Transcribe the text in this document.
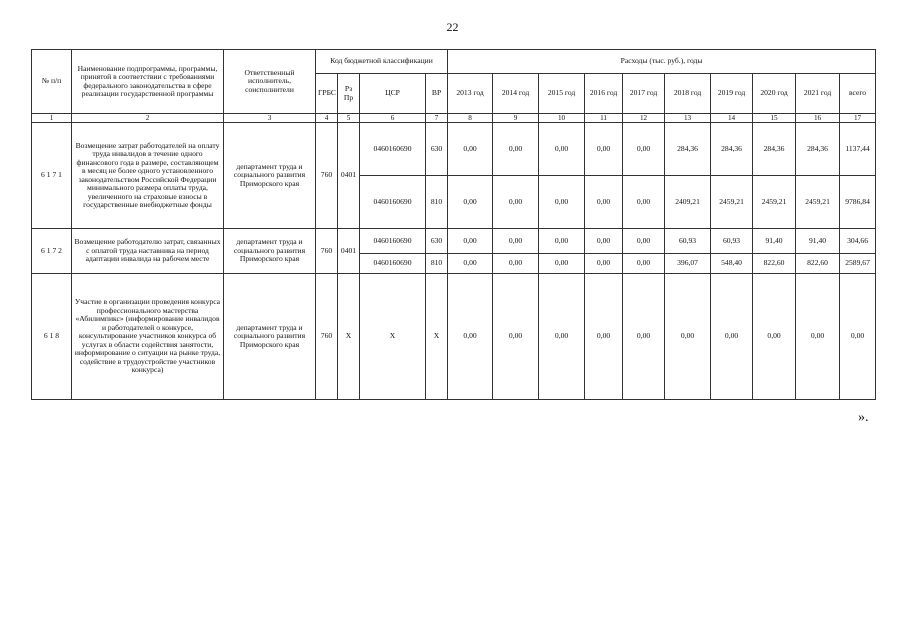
22
№ п/п	Наименование подпрограммы, программы, принятой в соответствии с требованиями федерального законодательства в сфере реализации государственной программы	Ответственный исполнитель, соисполнители	Код бюджетной классификации				Расходы (тыс. руб.), годы									
			ГРБС	Рз Пр	ЦСР	ВР	2013 год	2014 год	2015 год	2016 год	2017 год	2018 год	2019 год	2020 год	2021 год	всего
1	2	3	4	5	6	7	8	9	10	11	12	13	14	15	16	17
6 1 7 1	Возмещение затрат работодателей на оплату труда инвалидов в течение одного финансового года в размере, составляющем в месяц не более одного установленного законодательством Российской Федерации минимального размера оплаты труда, увеличенного на страховые взносы в государственные внебюджетные фонды	департамент труда и социального развития Приморского края	760	0401	0460160690	630	0,00	0,00	0,00	0,00	0,00	284,36	284,36	284,36	284,36	1137,44
					0460160690	810	0,00	0,00	0,00	0,00	0,00	2409,21	2459,21	2459,21	2459,21	9786,84
6 1 7 2	Возмещение работодателю затрат, связанных с оплатой труда наставника на период адаптации инвалида на рабочем месте	департамент труда и социального развития Приморского края	760	0401	0460160690	630	0,00	0,00	0,00	0,00	0,00	60,93	60,93	91,40	91,40	304,66
					0460160690	810	0,00	0,00	0,00	0,00	0,00	396,07	548,40	822,60	822,60	2589,67
6 1 8	Участие в организации проведения конкурса профессионального мастерства «Абилимпикс» (информирование инвалидов и работодателей о конкурсе, консультирование участников конкурса об услугах в области содействия занятости, информирование о ситуации на рынке труда, содействие в трудоустройстве участников конкурса)	департамент труда и социального развития Приморского края	760	Х	Х	Х	0,00	0,00	0,00	0,00	0,00	0,00	0,00	0,00	0,00	0,00
».
